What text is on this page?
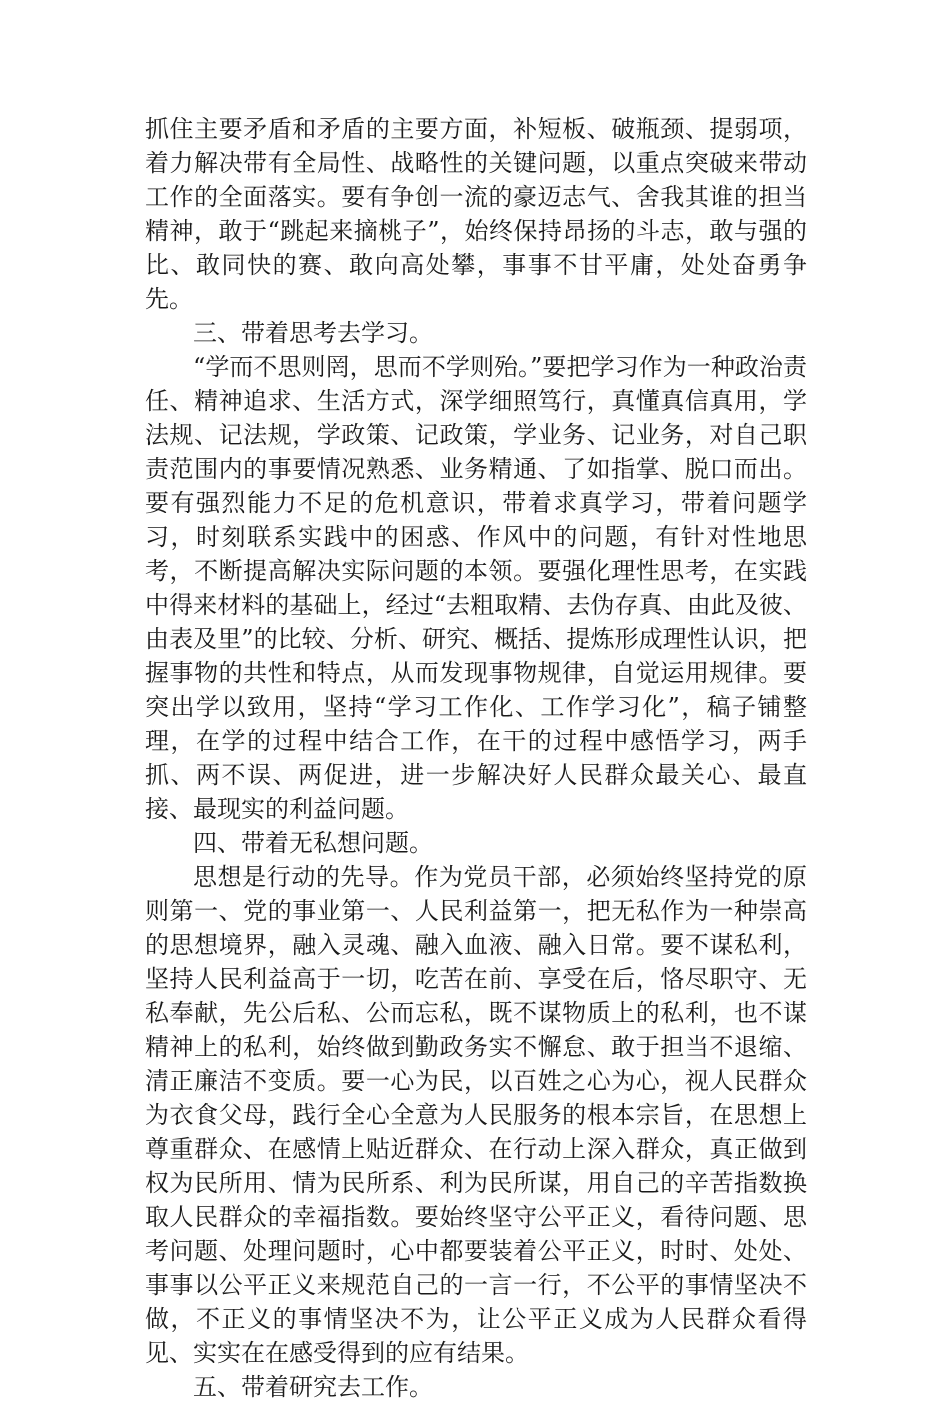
抓住主要矛盾和矛盾的主要方面，补短板、破瓶颈、提弱项，着力解决带有全局性、战略性的关键问题，以重点突破来带动工作的全面落实。要有争创一流的豪迈志气、舍我其谁的担当精神，敢于“跳起来摘桃子”，始终保持昂扬的斗志，敢与强的比、敢同快的赛、敢向高处攀，事事不甘平庸，处处奋勇争先。

三、带着思考去学习。

“学而不思则罔，思而不学则殆。”要把学习作为一种政治责任、精神追求、生活方式，深学细照笃行，真懂真信真用，学法规、记法规，学政策、记政策，学业务、记业务，对自己职责范围内的事要情况熟悉、业务精通、了如指掌、脱口而出。要有强烈能力不足的危机意识，带着求真学习，带着问题学习，时刻联系实践中的困惑、作风中的问题，有针对性地思考，不断提高解决实际问题的本领。要强化理性思考，在实践中得来材料的基础上，经过“去粗取精、去伪存真、由此及彼、由表及里”的比较、分析、研究、概括、提炼形成理性认识，把握事物的共性和特点，从而发现事物规律，自觉运用规律。要突出学以致用，坚持“学习工作化、工作学习化”，稿子铺整理，在学的过程中结合工作，在干的过程中感悟学习，两手抓、两不误、两促进，进一步解决好人民群众最关心、最直接、最现实的利益问题。

四、带着无私想问题。

思想是行动的先导。作为党员干部，必须始终坚持党的原则第一、党的事业第一、人民利益第一，把无私作为一种崇高的思想境界，融入灵魂、融入血液、融入日常。要不谋私利，坚持人民利益高于一切，吃苦在前、享受在后，恪尽职守、无私奉献，先公后私、公而忘私，既不谋物质上的私利，也不谋精神上的私利，始终做到勤政务实不懈怠、敢于担当不退缩、清正廉洁不变质。要一心为民，以百姓之心为心，视人民群众为衣食父母，践行全心全意为人民服务的根本宗旨，在思想上尊重群众、在感情上贴近群众、在行动上深入群众，真正做到权为民所用、情为民所系、利为民所谋，用自己的辛苦指数换取人民群众的幸福指数。要始终坚守公平正义，看待问题、思考问题、处理问题时，心中都要装着公平正义，时时、处处、事事以公平正义来规范自己的一言一行，不公平的事情坚决不做，不正义的事情坚决不为，让公平正义成为人民群众看得见、实实在在感受得到的应有结果。

五、带着研究去工作。
